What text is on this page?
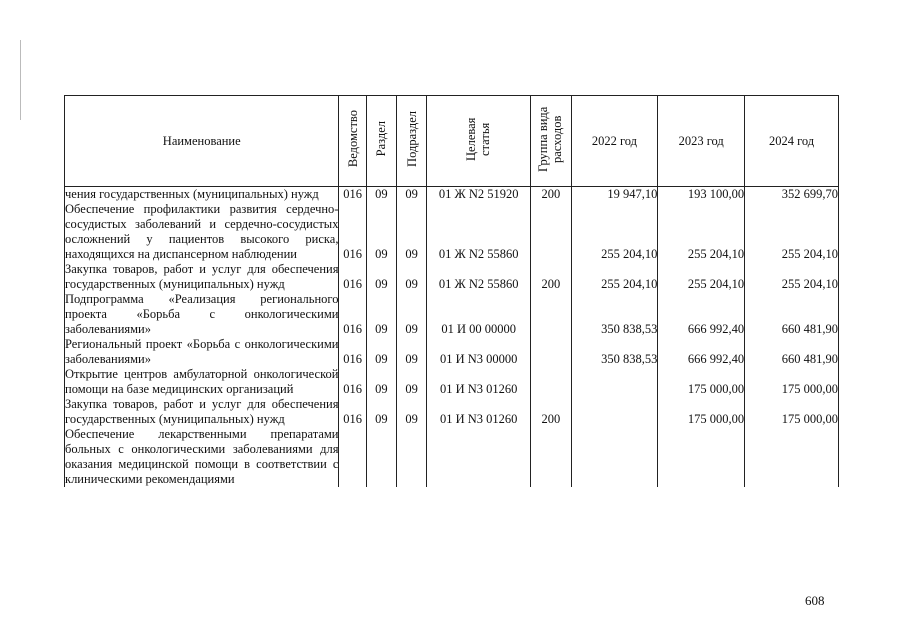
Наименование	Ведомство	Раздел	Подраздел	Целевая статья	Группа вида расходов	2022 год	2023 год	2024 год
чения государственных (муниципальных) нужд	016	09	09	01 Ж N2 51920	200	19 947,10	193 100,00	352 699,70
Обеспечение профилактики развития сердечно-сосудистых заболеваний и сердечно-сосудистых осложнений у пациентов высокого риска, находящихся на диспансерном наблюдении	016	09	09	01 Ж N2 55860		255 204,10	255 204,10	255 204,10
Закупка товаров, работ и услуг для обеспечения государственных (муниципальных) нужд	016	09	09	01 Ж N2 55860	200	255 204,10	255 204,10	255 204,10
Подпрограмма «Реализация регионального проекта «Борьба с онкологическими заболеваниями»	016	09	09	01 И 00 00000		350 838,53	666 992,40	660 481,90
Региональный проект «Борьба с онкологическими заболеваниями»	016	09	09	01 И N3 00000		350 838,53	666 992,40	660 481,90
Открытие центров амбулаторной онкологической помощи на базе медицинских организаций	016	09	09	01 И N3 01260			175 000,00	175 000,00
Закупка товаров, работ и услуг для обеспечения государственных (муниципальных) нужд	016	09	09	01 И N3 01260	200		175 000,00	175 000,00
Обеспечение лекарственными препаратами больных с онкологическими заболеваниями для оказания медицинской помощи в соответствии с клиническими рекомендациями								
608
